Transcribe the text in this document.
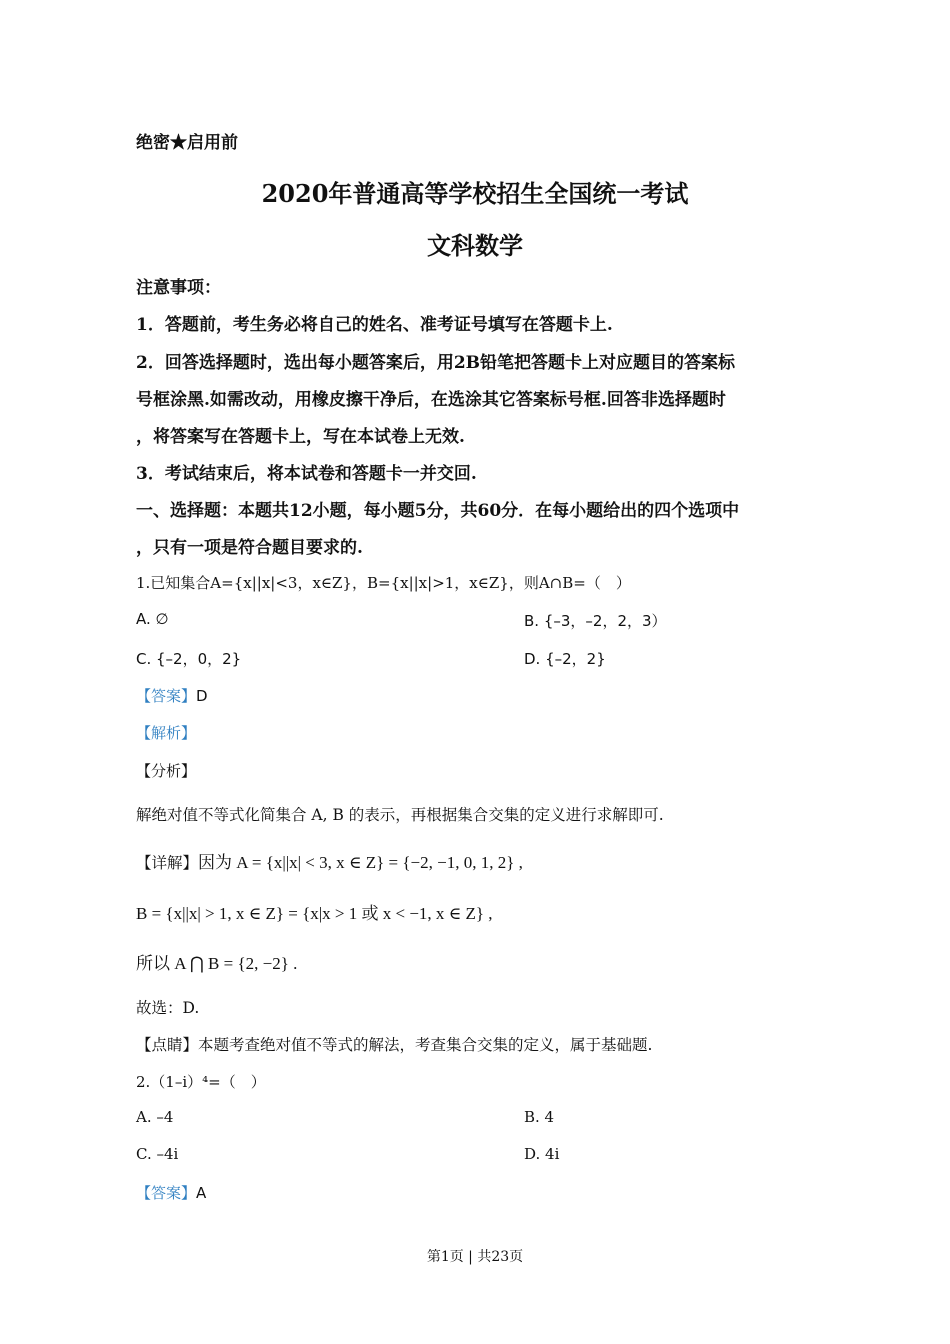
绝密★启用前
2020年普通高等学校招生全国统一考试
文科数学
注意事项：
1．答题前，考生务必将自己的姓名、准考证号填写在答题卡上.
2．回答选择题时，选出每小题答案后，用2B铅笔把答题卡上对应题目的答案标
号框涂黑.如需改动，用橡皮擦干净后，在选涂其它答案标号框.回答非选择题时
，将答案写在答题卡上，写在本试卷上无效.
3．考试结束后，将本试卷和答题卡一并交回.
一、选择题：本题共12小题，每小题5分，共60分．在每小题给出的四个选项中
，只有一项是符合题目要求的.
1.已知集合A={x||x|<3，x∈Z}，B={x||x|>1，x∈Z}，则A∩B=（　）
A. ∅	B. {–3，–2，2，3）
C. {–2，0，2}	D. {–2，2}
【答案】D
【解析】
【分析】
解绝对值不等式化简集合 A, B 的表示，再根据集合交集的定义进行求解即可.
【详解】因为 A = {x||x| < 3, x ∈ Z} = {−2, −1, 0, 1, 2} ,
B = {x||x| > 1, x ∈ Z} = {x|x > 1 或 x < −1, x ∈ Z} ,
所以 A ⋂ B = {2, −2} .
故选：D.
【点睛】本题考查绝对值不等式的解法，考查集合交集的定义，属于基础题.
2.（1–i）⁴=（　）
A. –4	B. 4
C. –4i	D. 4i
【答案】A
第1页 | 共23页
